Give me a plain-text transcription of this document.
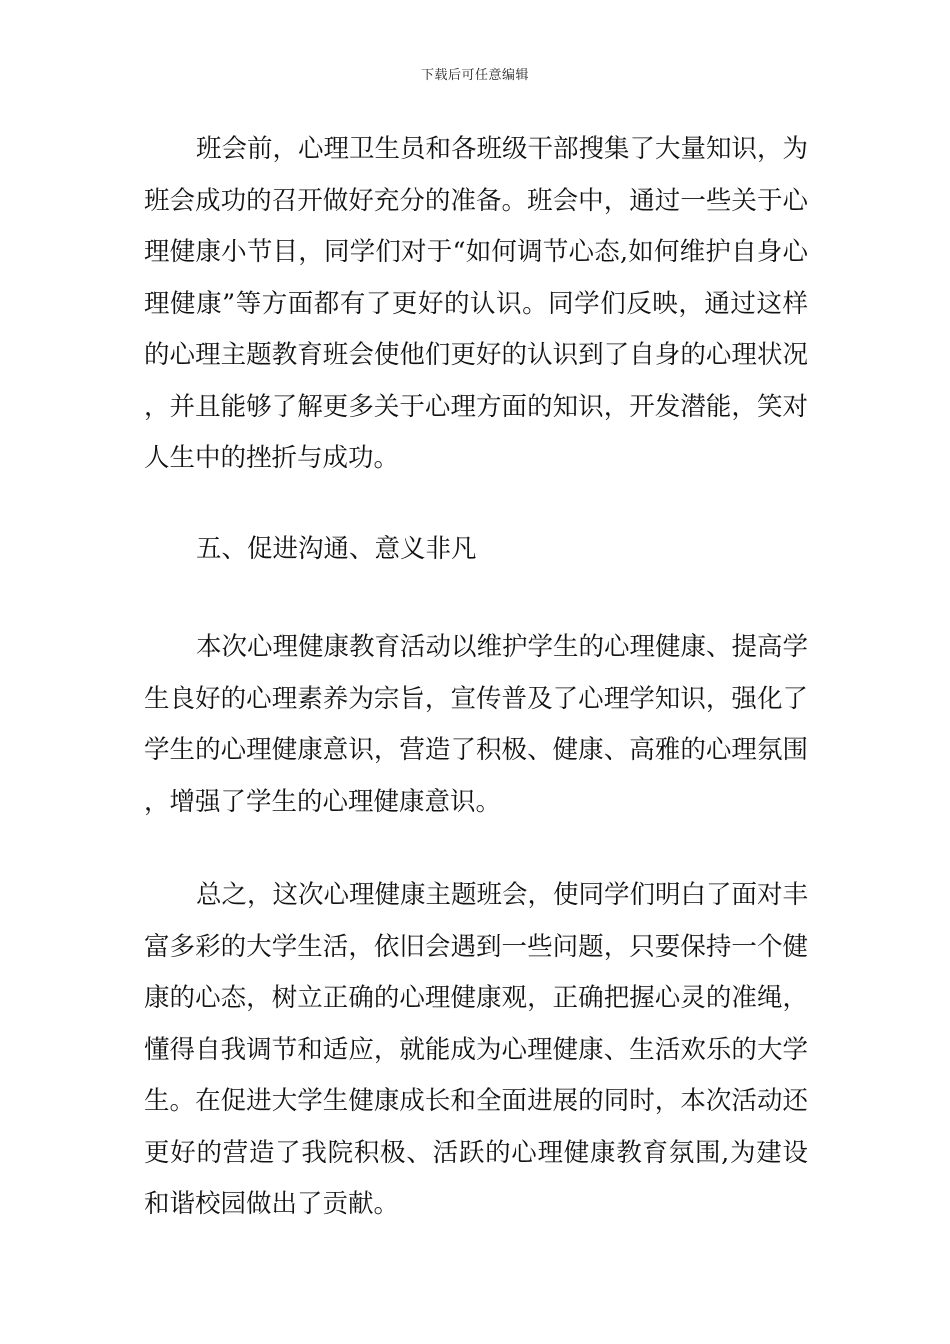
下载后可任意编辑

班会前，心理卫生员和各班级干部搜集了大量知识，为班会成功的召开做好充分的准备。班会中，通过一些关于心理健康小节目，同学们对于“如何调节心态,如何维护自身心理健康”等方面都有了更好的认识。同学们反映，通过这样的心理主题教育班会使他们更好的认识到了自身的心理状况，并且能够了解更多关于心理方面的知识，开发潜能，笑对人生中的挫折与成功。

五、促进沟通、意义非凡

本次心理健康教育活动以维护学生的心理健康、提高学生良好的心理素养为宗旨，宣传普及了心理学知识，强化了学生的心理健康意识，营造了积极、健康、高雅的心理氛围，增强了学生的心理健康意识。

总之，这次心理健康主题班会，使同学们明白了面对丰富多彩的大学生活，依旧会遇到一些问题，只要保持一个健康的心态，树立正确的心理健康观，正确把握心灵的准绳，懂得自我调节和适应，就能成为心理健康、生活欢乐的大学生。在促进大学生健康成长和全面进展的同时，本次活动还更好的营造了我院积极、活跃的心理健康教育氛围,为建设和谐校园做出了贡献。
